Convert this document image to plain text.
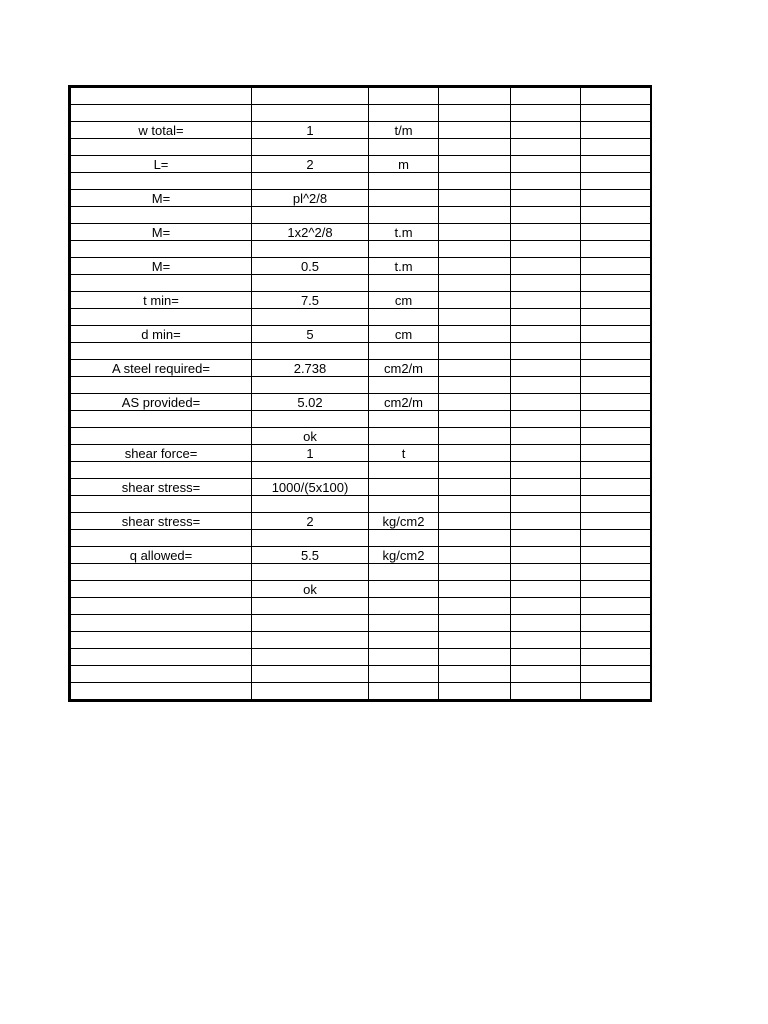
w total=	1	t/m			

L=	2	m			

M=	pl^2/8				

M=	1x2^2/8	t.m			

M=	0.5	t.m			

t min=	7.5	cm			

d min=	5	cm			

A steel required=	2.738	cm2/m			

AS provided=	5.02	cm2/m			

	ok				
shear force=	1	t			

shear stress=	1000/(5x100)				

shear stress=	2	kg/cm2			

q allowed=	5.5	kg/cm2			

	ok				
